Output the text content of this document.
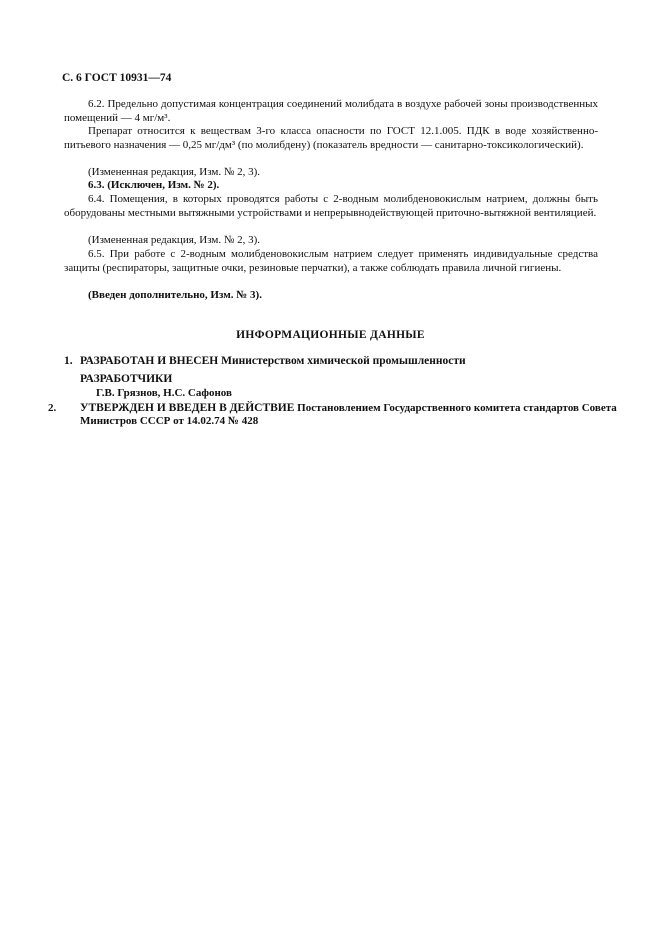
С. 6 ГОСТ 10931—74
6.2. Предельно допустимая концентрация соединений молибдата в воздухе рабочей зоны производственных помещений — 4 мг/м³.
Препарат относится к веществам 3-го класса опасности по ГОСТ 12.1.005. ПДК в воде хозяйственно-питьевого назначения — 0,25 мг/дм³ (по молибдену) (показатель вредности — санитарно-токсикологический).
(Измененная редакция, Изм. № 2, 3).
6.3. (Исключен, Изм. № 2).
6.4. Помещения, в которых проводятся работы с 2-водным молибденовокислым натрием, должны быть оборудованы местными вытяжными устройствами и непрерывнодействующей приточно-вытяжной вентиляцией.
(Измененная редакция, Изм. № 2, 3).
6.5. При работе с 2-водным молибденовокислым натрием следует применять индивидуальные средства защиты (респираторы, защитные очки, резиновые перчатки), а также соблюдать правила личной гигиены.
(Введен дополнительно, Изм. № 3).
ИНФОРМАЦИОННЫЕ ДАННЫЕ
1. РАЗРАБОТАН И ВНЕСЕН Министерством химической промышленности
РАЗРАБОТЧИКИ
Г.В. Грязнов, Н.С. Сафонов
2. УТВЕРЖДЕН И ВВЕДЕН В ДЕЙСТВИЕ Постановлением Государственного комитета стандартов Совета Министров СССР от 14.02.74 № 428
